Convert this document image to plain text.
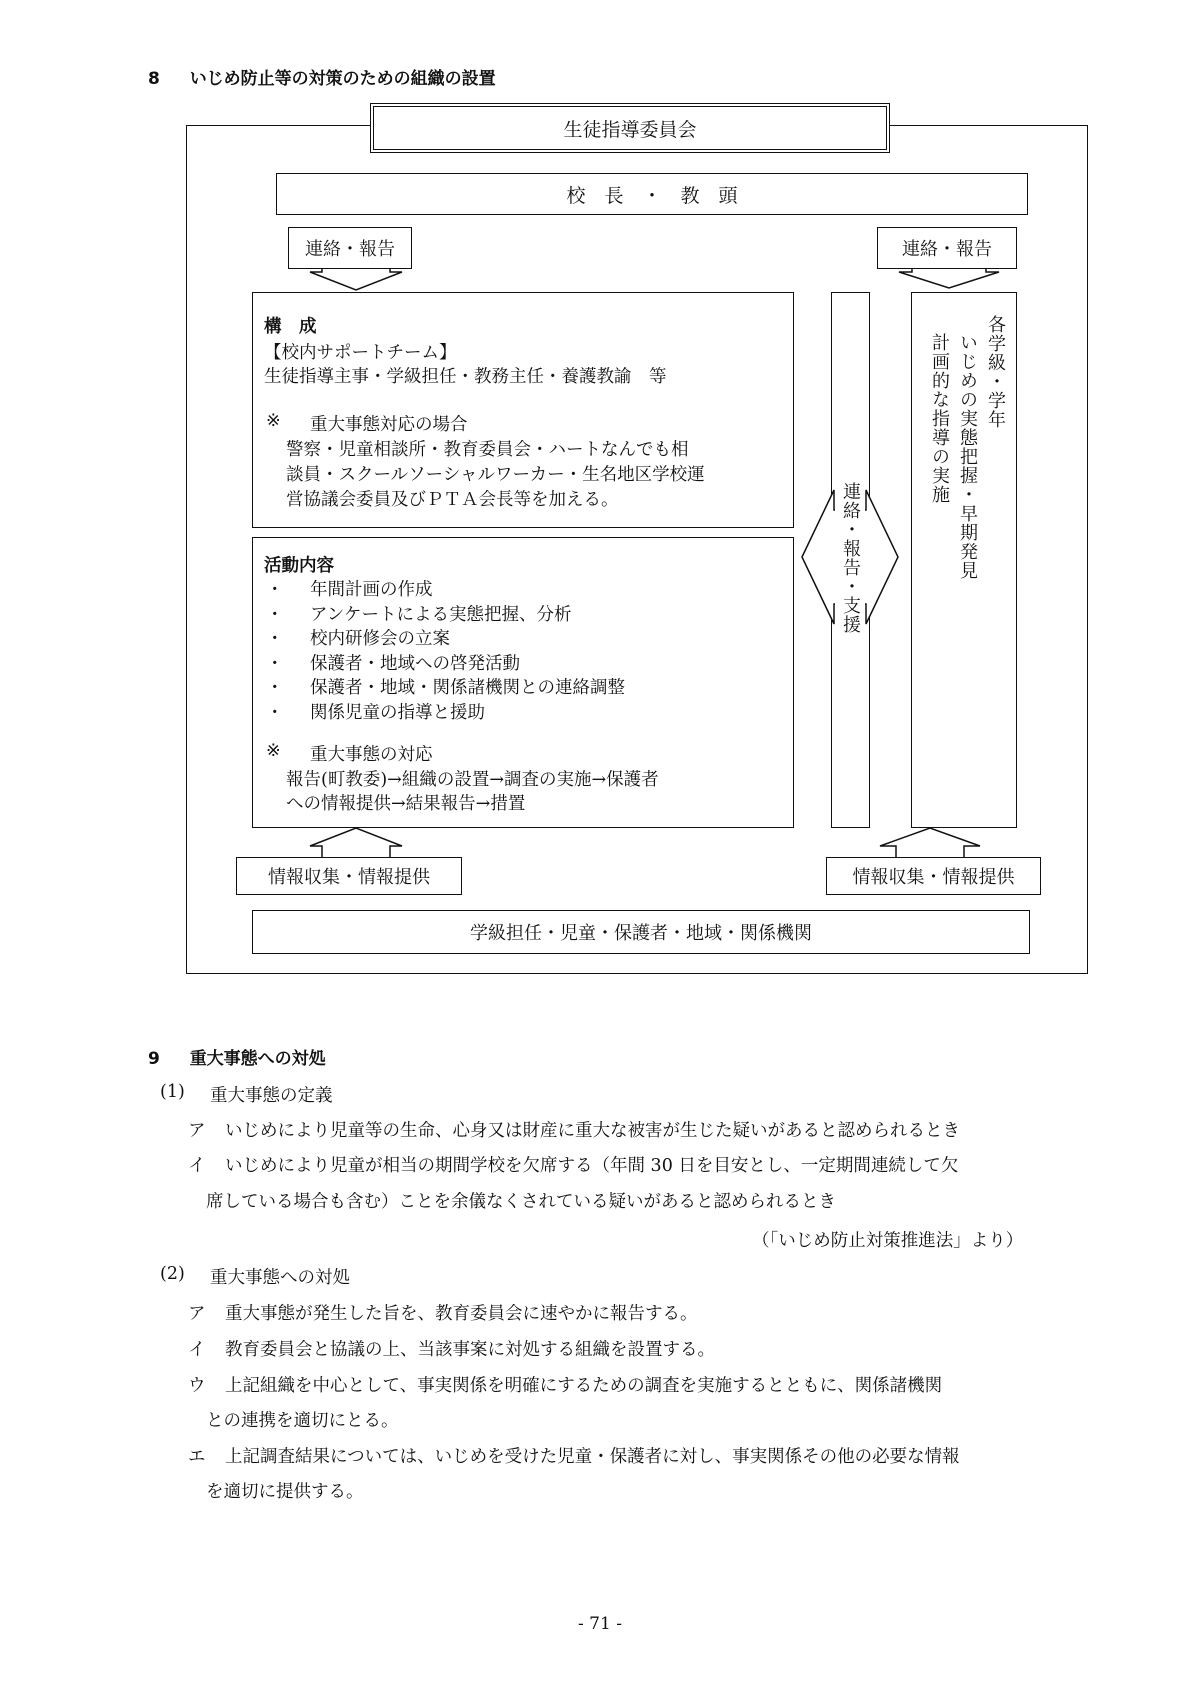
8 いじめ防止等の対策のための組織の設置
生徒指導委員会
校　長　・　教　頭
連絡・報告	連絡・報告
構　成
【校内サポートチーム】
生徒指導主事・学級担任・教務主任・養護教諭　等
※ 重大事態対応の場合
警察・児童相談所・教育委員会・ハートなんでも相
談員・スクールソーシャルワーカー・生名地区学校運
営協議会委員及びＰＴＡ会長等を加える。
活動内容
・ 年間計画の作成
・ アンケートによる実態把握、分析
・ 校内研修会の立案
・ 保護者・地域への啓発活動
・ 保護者・地域・関係諸機関との連絡調整
・ 関係児童の指導と援助
※ 重大事態の対応
報告(町教委)→組織の設置→調査の実施→保護者
への情報提供→結果報告→措置
連絡・報告・支援
各学級・学年
いじめの実態把握・早期発見
計画的な指導の実施
情報収集・情報提供	情報収集・情報提供
学級担任・児童・保護者・地域・関係機関
9 重大事態への対処
(1) 重大事態の定義
ア いじめにより児童等の生命、心身又は財産に重大な被害が生じた疑いがあると認められるとき
イ いじめにより児童が相当の期間学校を欠席する（年間 30 日を目安とし、一定期間連続して欠
席している場合も含む）ことを余儀なくされている疑いがあると認められるとき
（「いじめ防止対策推進法」より）
(2) 重大事態への対処
ア 重大事態が発生した旨を、教育委員会に速やかに報告する。
イ 教育委員会と協議の上、当該事案に対処する組織を設置する。
ウ 上記組織を中心として、事実関係を明確にするための調査を実施するとともに、関係諸機関
との連携を適切にとる。
エ 上記調査結果については、いじめを受けた児童・保護者に対し、事実関係その他の必要な情報
を適切に提供する。
- 71 -
